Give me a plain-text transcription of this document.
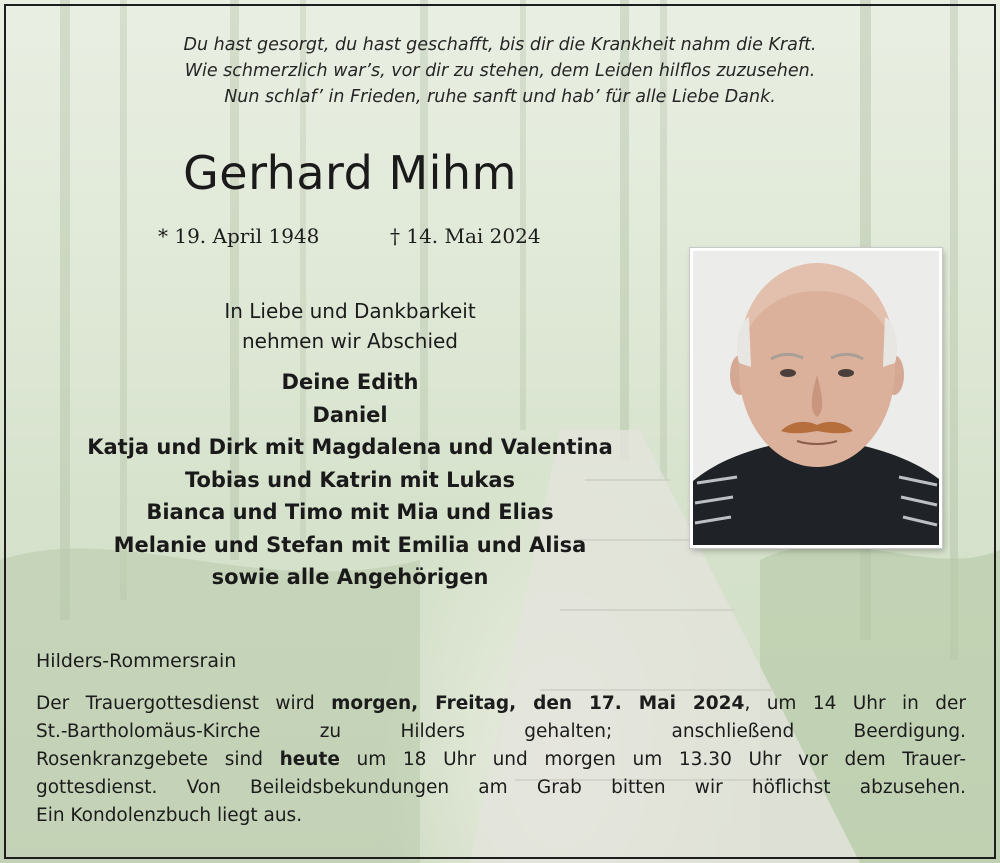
Du hast gesorgt, du hast geschafft, bis dir die Krankheit nahm die Kraft.
Wie schmerzlich war’s, vor dir zu stehen, dem Leiden hilflos zuzusehen.
Nun schlaf’ in Frieden, ruhe sanft und hab’ für alle Liebe Dank.
Gerhard Mihm
* 19. April 1948	† 14. Mai 2024
In Liebe und Dankbarkeit
nehmen wir Abschied
Deine Edith
Daniel
Katja und Dirk mit Magdalena und Valentina
Tobias und Katrin mit Lukas
Bianca und Timo mit Mia und Elias
Melanie und Stefan mit Emilia und Alisa
sowie alle Angehörigen
Hilders-Rommersrain
Der Trauergottesdienst wird morgen, Freitag, den 17. Mai 2024, um 14 Uhr in der
St.-Bartholomäus-Kirche zu Hilders gehalten; anschließend Beerdigung.
Rosenkranzgebete sind heute um 18 Uhr und morgen um 13.30 Uhr vor dem Trauer-
gottesdienst. Von Beileidsbekundungen am Grab bitten wir höflichst abzusehen.
Ein Kondolenzbuch liegt aus.
